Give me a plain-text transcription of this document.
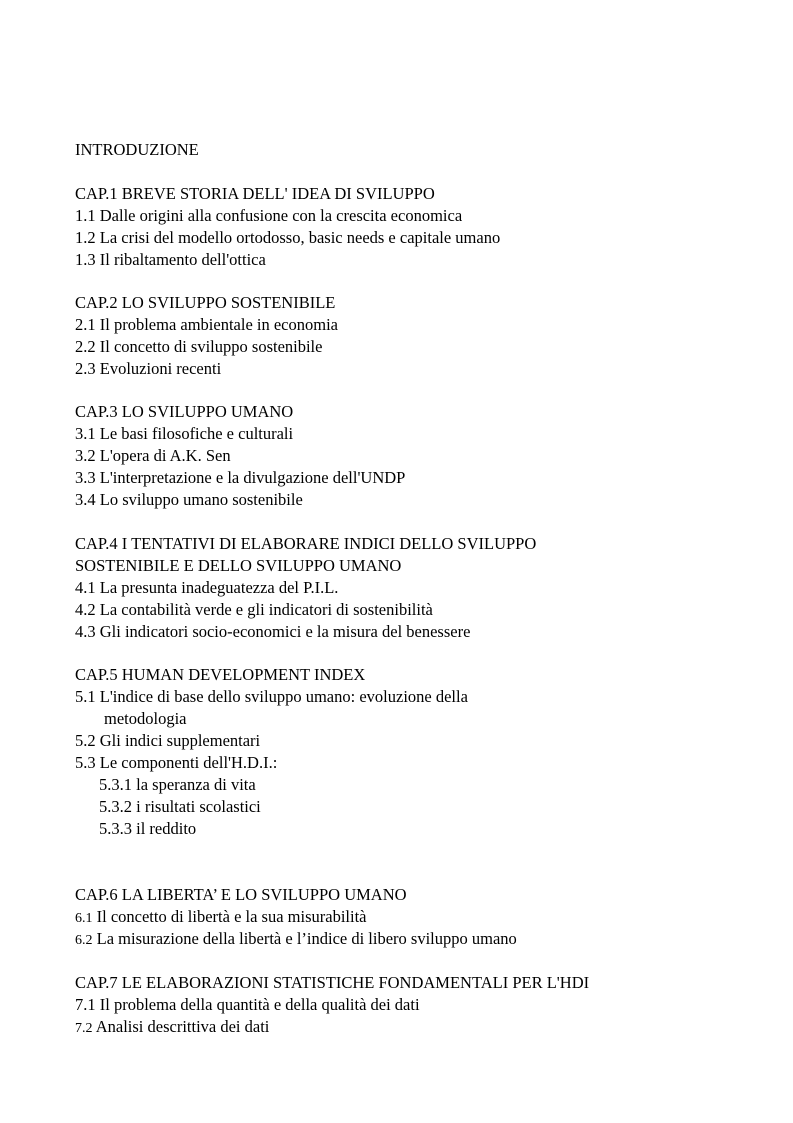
INTRODUZIONE
CAP.1 BREVE STORIA DELL' IDEA DI SVILUPPO
1.1 Dalle origini alla confusione con la crescita economica
1.2 La crisi del modello ortodosso, basic needs e capitale umano
1.3 Il ribaltamento dell'ottica
CAP.2 LO SVILUPPO SOSTENIBILE
2.1 Il problema ambientale in economia
2.2 Il concetto di sviluppo sostenibile
2.3 Evoluzioni recenti
CAP.3 LO SVILUPPO UMANO
3.1 Le basi filosofiche e culturali
3.2 L'opera di A.K. Sen
3.3 L'interpretazione e la divulgazione dell'UNDP
3.4 Lo sviluppo umano sostenibile
CAP.4 I TENTATIVI DI ELABORARE INDICI DELLO SVILUPPO
SOSTENIBILE E DELLO SVILUPPO UMANO
4.1 La presunta inadeguatezza del P.I.L.
4.2 La contabilità verde e gli indicatori di sostenibilità
4.3 Gli indicatori socio-economici e la misura del benessere
CAP.5 HUMAN DEVELOPMENT INDEX
5.1 L'indice di base dello sviluppo umano: evoluzione della
metodologia
5.2 Gli indici supplementari
5.3 Le componenti dell'H.D.I.:
5.3.1 la speranza di vita
5.3.2 i risultati scolastici
5.3.3 il reddito
CAP.6 LA LIBERTA’ E LO SVILUPPO UMANO
6.1 Il concetto di libertà e la sua misurabilità
6.2 La misurazione della libertà e l’indice di libero sviluppo umano
CAP.7 LE ELABORAZIONI STATISTICHE FONDAMENTALI PER L'HDI
7.1 Il problema della quantità e della qualità dei dati
7.2 Analisi descrittiva dei dati
